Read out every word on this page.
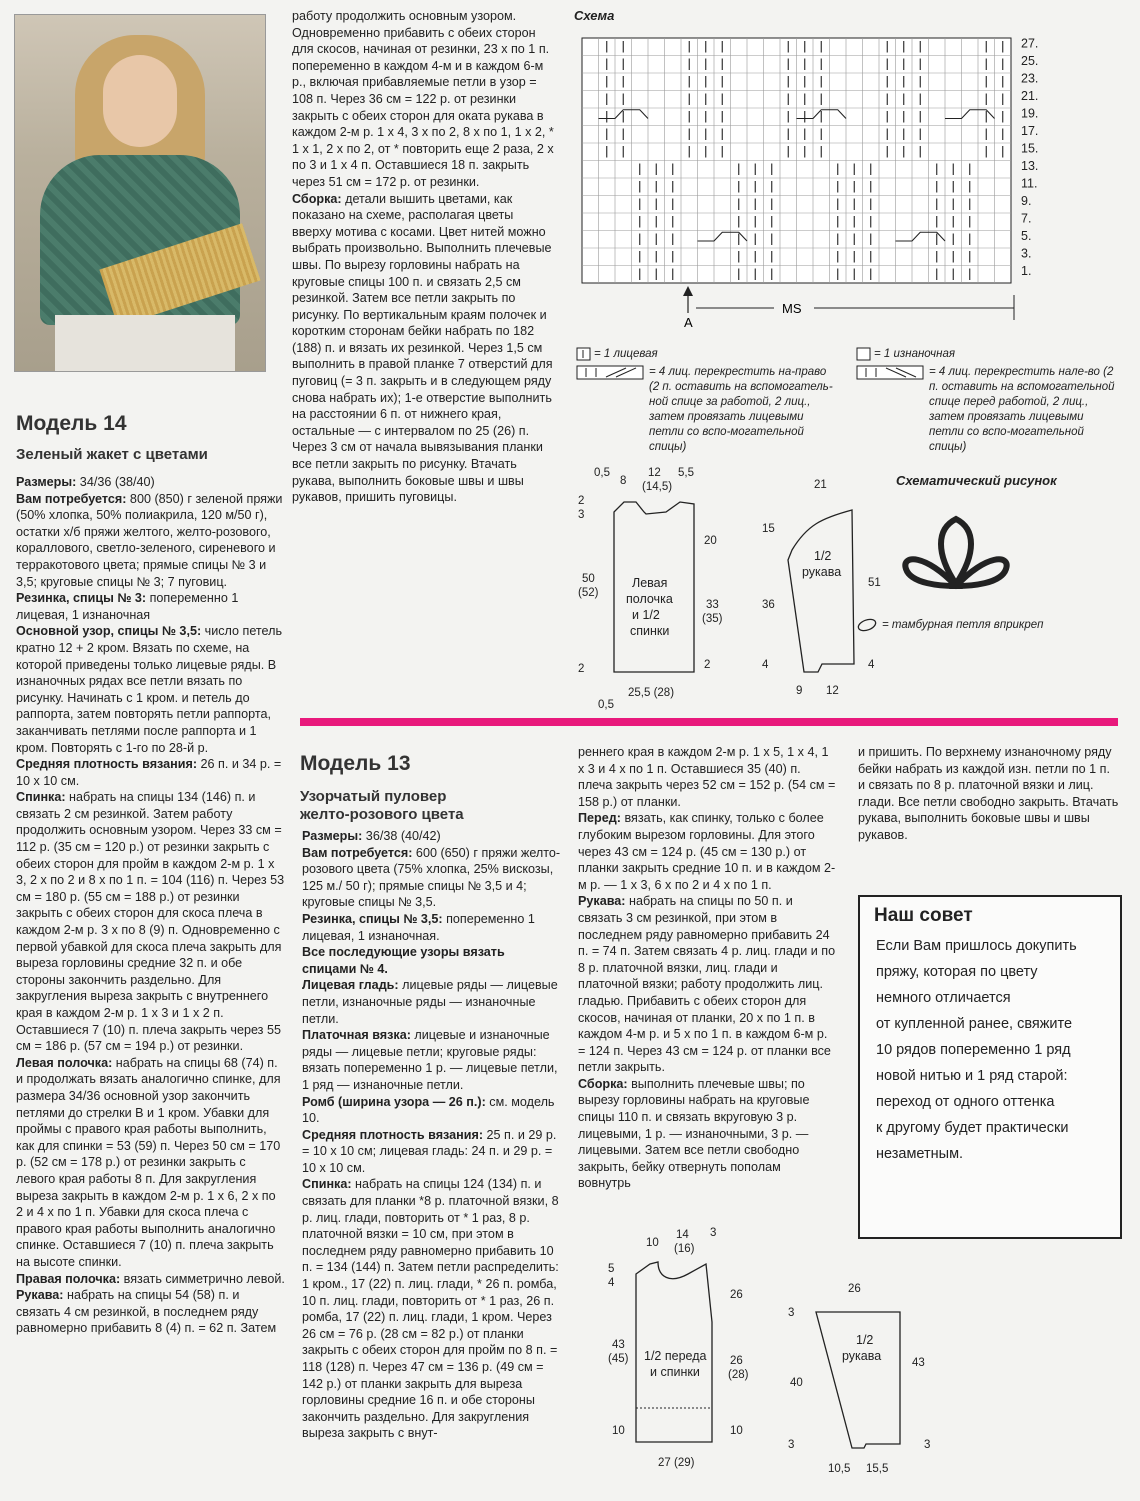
Модель 14
Зеленый жакет с цветами

Размеры: 34/36 (38/40)

Вам потребуется: 800 (850) г зеленой пряжи (50% хлопка, 50% полиакрила, 120 м/50 г), остатки х/б пряжи желтого, желто-розового, кораллового, светло-зеленого, сиреневого и терракотового цвета; прямые спицы № 3 и 3,5; круговые спицы № 3; 7 пуговиц.

Резинка, спицы № 3: попеременно 1 лицевая, 1 изнаночная

Основной узор, спицы № 3,5: число петель кратно 12 + 2 кром. Вязать по схеме, на которой приведены только лицевые ряды. В изнаночных рядах все петли вязать по рисунку. Начинать с 1 кром. и петель до раппорта, затем повторять петли раппорта, заканчивать петлями после раппорта и 1 кром. Повторять с 1-го по 28-й р.

Средняя плотность вязания: 26 п. и 34 р. = 10 х 10 см.

Спинка: набрать на спицы 134 (146) п. и связать 2 см резинкой. Затем работу продолжить основным узором. Через 33 см = 112 р. (35 см = 120 р.) от резинки закрыть с обеих сторон для пройм в каждом 2-м р. 1 х 3, 2 х по 2 и 8 х по 1 п. = 104 (116) п. Через 53 см = 180 р. (55 см = 188 р.) от резинки закрыть с обеих сторон для скоса плеча в каждом 2-м р. 3 х по 8 (9) п. Одновременно с первой убавкой для скоса плеча закрыть для выреза горловины средние 32 п. и обе стороны закончить раздельно. Для закругления выреза закрыть с внутреннего края в каждом 2-м р. 1 х 3 и 1 х 2 п. Оставшиеся 7 (10) п. плеча закрыть через 55 см = 186 р. (57 см = 194 р.) от резинки.

Левая полочка: набрать на спицы 68 (74) п. и продолжать вязать аналогично спинке, для размера 34/36 основной узор закончить петлями до стрелки В и 1 кром. Убавки для проймы с правого края работы выполнить, как для спинки = 53 (59) п. Через 50 см = 170 р. (52 см = 178 р.) от резинки закрыть с левого края работы 8 п. Для закругления выреза закрыть в каждом 2-м р. 1 х 6, 2 х по 2 и 4 х по 1 п. Убавки для скоса плеча с правого края работы выполнить аналогично спинке. Оставшиеся 7 (10) п. плеча закрыть на высоте спинки.

Правая полочка: вязать симметрично левой.

Рукава: набрать на спицы 54 (58) п. и связать 4 см резинкой, в последнем ряду равномерно прибавить 8 (4) п. = 62 п. Затем

работу продолжить основным узором. Одновременно прибавить с обеих сторон для скосов, начиная от резинки, 23 х по 1 п. попеременно в каждом 4-м и в каждом 6-м р., включая прибавляемые петли в узор = 108 п. Через 36 см = 122 р. от резинки закрыть с обеих сторон для оката рукава в каждом 2-м р. 1 х 4, 3 х по 2, 8 х по 1, 1 х 2, * 1 х 1, 2 х по 2, от * повторить еще 2 раза, 2 х по 3 и 1 х 4 п. Оставшиеся 18 п. закрыть через 51 см = 172 р. от резинки.

Сборка: детали вышить цветами, как показано на схеме, располагая цветы вверху мотива с косами. Цвет нитей можно выбрать произвольно. Выполнить плечевые швы. По вырезу горловины набрать на круговые спицы 100 п. и связать 2,5 см резинкой. Затем все петли закрыть по рисунку. По вертикальным краям полочек и коротким сторонам бейки набрать по 182 (188) п. и вязать их резинкой. Через 1,5 см выполнить в правой планке 7 отверстий для пуговиц (= 3 п. закрыть и в следующем ряду снова набрать их); 1-е отверстие выполнить на расстоянии 6 п. от нижнего края, остальные — с интервалом по 25 (26) п. Через 3 см от начала вывязывания планки все петли закрыть по рисунку. Втачать рукава, выполнить боковые швы и швы рукавов, пришить пуговицы.

Схема
27.
25.
23.
21.
19.
17.
15.
13.
11.
9.
7.
5.
3.
1.
A
MS
= 1 лицевая
= 4 лиц. перекрестить на-право (2 п. оставить на вспомогатель-ной спице за работой, 2 лиц., затем провязать лицевыми петли со вспо-могательной спицы)
= 1 изнаночная
= 4 лиц. перекрестить нале-во (2 п. оставить на вспомогательной спице перед работой, 2 лиц., затем провязать лицевыми петли со вспо-могательной спицы)
Схематический рисунок
= тамбурная петля вприкреп
0,5
8
12
(14,5)
5,5
2
3
20
50
(52)
Левая
полочка
и 1/2
спинки
33
(35)
2	2
25,5 (28)
0,5
21
15
1/2
рукава
51
36
4	4
9 12
Модель 13
Узорчатый пуловер
желто-розового цвета

Размеры: 36/38 (40/42)

Вам потребуется: 600 (650) г пряжи желто-розового цвета (75% хлопка, 25% вискозы, 125 м./ 50 г); прямые спицы № 3,5 и 4; круговые спицы № 3,5.

Резинка, спицы № 3,5: попеременно 1 лицевая, 1 изнаночная.

Все последующие узоры вязать спицами № 4.

Лицевая гладь: лицевые ряды — лицевые петли, изнаночные ряды — изнаночные петли.

Платочная вязка: лицевые и изнаночные ряды — лицевые петли; круговые ряды: вязать попеременно 1 р. — лицевые петли, 1 ряд — изнаночные петли.

Ромб (ширина узора — 26 п.): см. модель 10.

Средняя плотность вязания: 25 п. и 29 р. = 10 х 10 см; лицевая гладь: 24 п. и 29 р. = 10 х 10 см.

Спинка: набрать на спицы 124 (134) п. и связать для планки *8 р. платочной вязки, 8 р. лиц. глади, повторить от * 1 раз, 8 р. платочной вязки = 10 см, при этом в последнем ряду равномерно прибавить 10 п. = 134 (144) п. Затем петли распределить: 1 кром., 17 (22) п. лиц. глади, * 26 п. ромба, 10 п. лиц. глади, повторить от * 1 раз, 26 п. ромба, 17 (22) п. лиц. глади, 1 кром. Через 26 см = 76 р. (28 см = 82 р.) от планки закрыть с обеих сторон для пройм по 8 п. = 118 (128) п. Через 47 см = 136 р. (49 см = 142 р.) от планки закрыть для выреза горловины средние 16 п. и обе стороны закончить раздельно. Для закругления выреза закрыть с внут-

реннего края в каждом 2-м р. 1 х 5, 1 х 4, 1 х 3 и 4 х по 1 п. Оставшиеся 35 (40) п. плеча закрыть через 52 см = 152 р. (54 см = 158 р.) от планки.

Перед: вязать, как спинку, только с более глубоким вырезом горловины. Для этого через 43 см = 124 р. (45 см = 130 р.) от планки закрыть средние 10 п. и в каждом 2-м р. — 1 х 3, 6 х по 2 и 4 х по 1 п.

Рукава: набрать на спицы по 50 п. и связать 3 см резинкой, при этом в последнем ряду равномерно прибавить 24 п. = 74 п. Затем связать 4 р. лиц. глади и по 8 р. платочной вязки, лиц. глади и платочной вязки; работу продолжить лиц. гладью. Прибавить с обеих сторон для скосов, начиная от планки, 20 х по 1 п. в каждом 4-м р. и 5 х по 1 п. в каждом 6-м р. = 124 п. Через 43 см = 124 р. от планки все петли закрыть.

Сборка: выполнить плечевые швы; по вырезу горловины набрать на круговые спицы 110 п. и связать вкруговую 3 р. лицевыми, 1 р. — изнаночными, 3 р. — лицевыми. Затем все петли свободно закрыть, бейку отвернуть пополам вовнутрь

и пришить. По верхнему изнаночному ряду бейки набрать из каждой изн. петли по 1 п. и связать по 8 р. платочной вязки и лиц. глади. Все петли свободно закрыть. Втачать рукава, выполнить боковые швы и швы рукавов.

Наш совет
Если Вам пришлось докупить
пряжу, которая по цвету
немного отличается
от купленной ранее, свяжите
10 рядов попеременно 1 ряд
новой нитью и 1 ряд старой:
переход от одного оттенка
к другому будет практически
незаметным.
10
14
(16)
3
5
4
26
43
(45) 1/2 переда
и спинки
26
(28)
10	10
27 (29)
26
3
1/2
рукава	43
40
3	3
10,5 15,5
